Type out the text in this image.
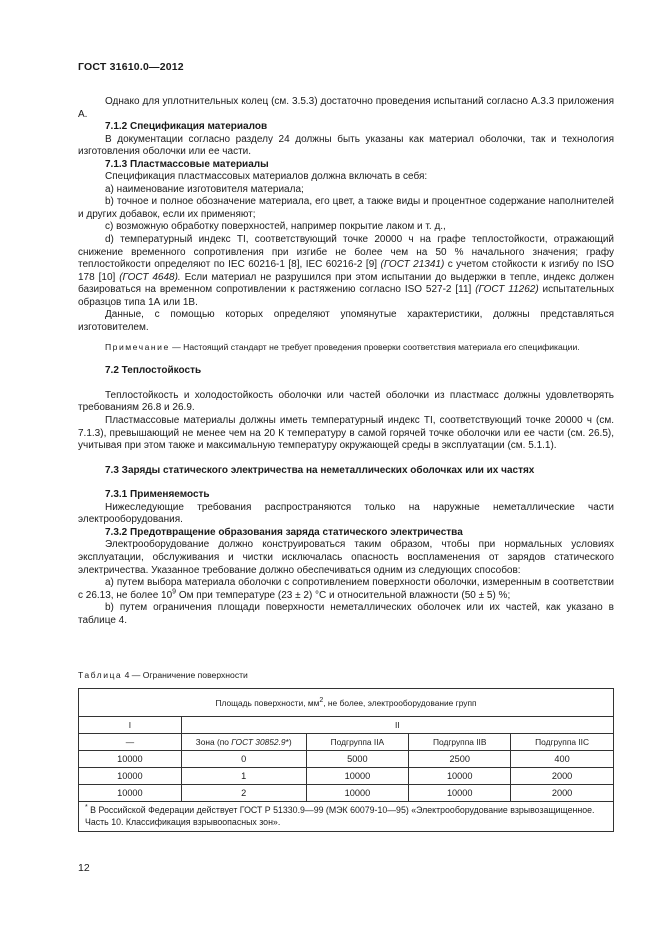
ГОСТ 31610.0—2012

Однако для уплотнительных колец (см. 3.5.3) достаточно проведения испытаний согласно А.3.3 приложения А.

7.1.2 Спецификация материалов

В документации согласно разделу 24 должны быть указаны как материал оболочки, так и технология изготовления оболочки или ее части.

7.1.3 Пластмассовые материалы

Спецификация пластмассовых материалов должна включать в себя:

а) наименование изготовителя материала;

b) точное и полное обозначение материала, его цвет, а также виды и процентное содержание наполнителей и других добавок, если их применяют;

с) возможную обработку поверхностей, например покрытие лаком и т. д.,

d) температурный индекс TI, соответствующий точке 20000 ч на графе теплостойкости, отражающий снижение временного сопротивления при изгибе не более чем на 50 % начального значения; графу теплостойкости определяют по IEC 60216-1 [8], IEC 60216-2 [9] (ГОСТ 21341) с учетом стойкости к изгибу по ISO 178 [10] (ГОСТ 4648). Если материал не разрушился при этом испытании до выдержки в тепле, индекс должен базироваться на временном сопротивлении к растяжению согласно ISO 527-2 [11] (ГОСТ 11262) испытательных образцов типа 1А или 1В.

Данные, с помощью которых определяют упомянутые характеристики, должны представляться изготовителем.

Примечание — Настоящий стандарт не требует проведения проверки соответствия материала его спецификации.

7.2 Теплостойкость

Теплостойкость и холодостойкость оболочки или частей оболочки из пластмасс должны удовлетворять требованиям 26.8 и 26.9.

Пластмассовые материалы должны иметь температурный индекс TI, соответствующий точке 20000 ч (см. 7.1.3), превышающий не менее чем на 20 К температуру в самой горячей точке оболочки или ее части (см. 26.5), учитывая при этом также и максимальную температуру окружающей среды в эксплуатации (см. 5.1.1).

7.3 Заряды статического электричества на неметаллических оболочках или их частях

7.3.1 Применяемость

Нижеследующие требования распространяются только на наружные неметаллические части электрооборудования.

7.3.2 Предотвращение образования заряда статического электричества

Электрооборудование должно конструироваться таким образом, чтобы при нормальных условиях эксплуатации, обслуживания и чистки исключалась опасность воспламенения от зарядов статического электричества. Указанное требование должно обеспечиваться одним из следующих способов:

а) путем выбора материала оболочки с сопротивлением поверхности оболочки, измеренным в соответствии с 26.13, не более $10^9$ Ом при температуре (23 ± 2) °C и относительной влажности (50 ± 5) %;

b) путем ограничения площади поверхности неметаллических оболочек или их частей, как указано в таблице 4.

Таблица 4 — Ограничение поверхности
Площадь поверхности, $мм^2$, не более, электрооборудование групп				
I	II			
—	Зона (по ГОСТ 30852.9*)	Подгруппа IIA	Подгруппа IIB	Подгруппа IIC
10000	0	5000	2500	400
10000	1	10000	10000	2000
10000	2	10000	10000	2000
* В Российской Федерации действует ГОСТ Р 51330.9—99 (МЭК 60079-10—95) «Электрооборудование взрывозащищенное. Часть 10. Классификация взрывоопасных зон».				
12
